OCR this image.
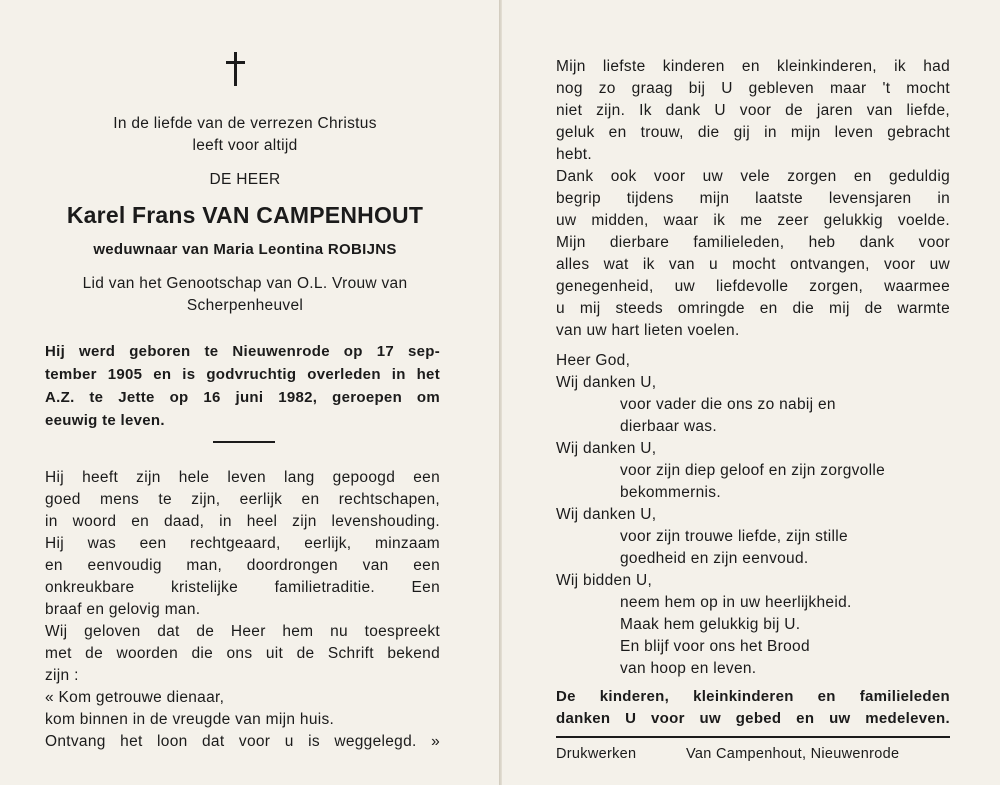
In de liefde van de verrezen Christus
leeft voor altijd
DE HEER
Karel Frans VAN CAMPENHOUT
weduwnaar van Maria Leontina ROBIJNS
Lid van het Genootschap van O.L. Vrouw van
Scherpenheuvel
Hij werd geboren te Nieuwenrode op 17 sep-
tember 1905 en is godvruchtig overleden in het
A.Z. te Jette op 16 juni 1982, geroepen om
eeuwig te leven.
Hij heeft zijn hele leven lang gepoogd een
goed mens te zijn, eerlijk en rechtschapen,
in woord en daad, in heel zijn levenshouding.
Hij was een rechtgeaard, eerlijk, minzaam
en eenvoudig man, doordrongen van een
onkreukbare kristelijke familietraditie. Een
braaf en gelovig man.
Wij geloven dat de Heer hem nu toespreekt
met de woorden die ons uit de Schrift bekend
zijn :
« Kom getrouwe dienaar,
kom binnen in de vreugde van mijn huis.
Ontvang het loon dat voor u is weggelegd. »
Mijn liefste kinderen en kleinkinderen, ik had
nog zo graag bij U gebleven maar 't mocht
niet zijn. Ik dank U voor de jaren van liefde,
geluk en trouw, die gij in mijn leven gebracht
hebt.
Dank ook voor uw vele zorgen en geduldig
begrip tijdens mijn laatste levensjaren in
uw midden, waar ik me zeer gelukkig voelde.
Mijn dierbare familieleden, heb dank voor
alles wat ik van u mocht ontvangen, voor uw
genegenheid, uw liefdevolle zorgen, waarmee
u mij steeds omringde en die mij de warmte
van uw hart lieten voelen.
Heer God,
Wij danken U,
voor vader die ons zo nabij en
dierbaar was.
Wij danken U,
voor zijn diep geloof en zijn zorgvolle
bekommernis.
Wij danken U,
voor zijn trouwe liefde, zijn stille
goedheid en zijn eenvoud.
Wij bidden U,
neem hem op in uw heerlijkheid.
Maak hem gelukkig bij U.
En blijf voor ons het Brood
van hoop en leven.
De kinderen, kleinkinderen en familieleden
danken U voor uw gebed en uw medeleven.
Drukwerken	Van Campenhout, Nieuwenrode
